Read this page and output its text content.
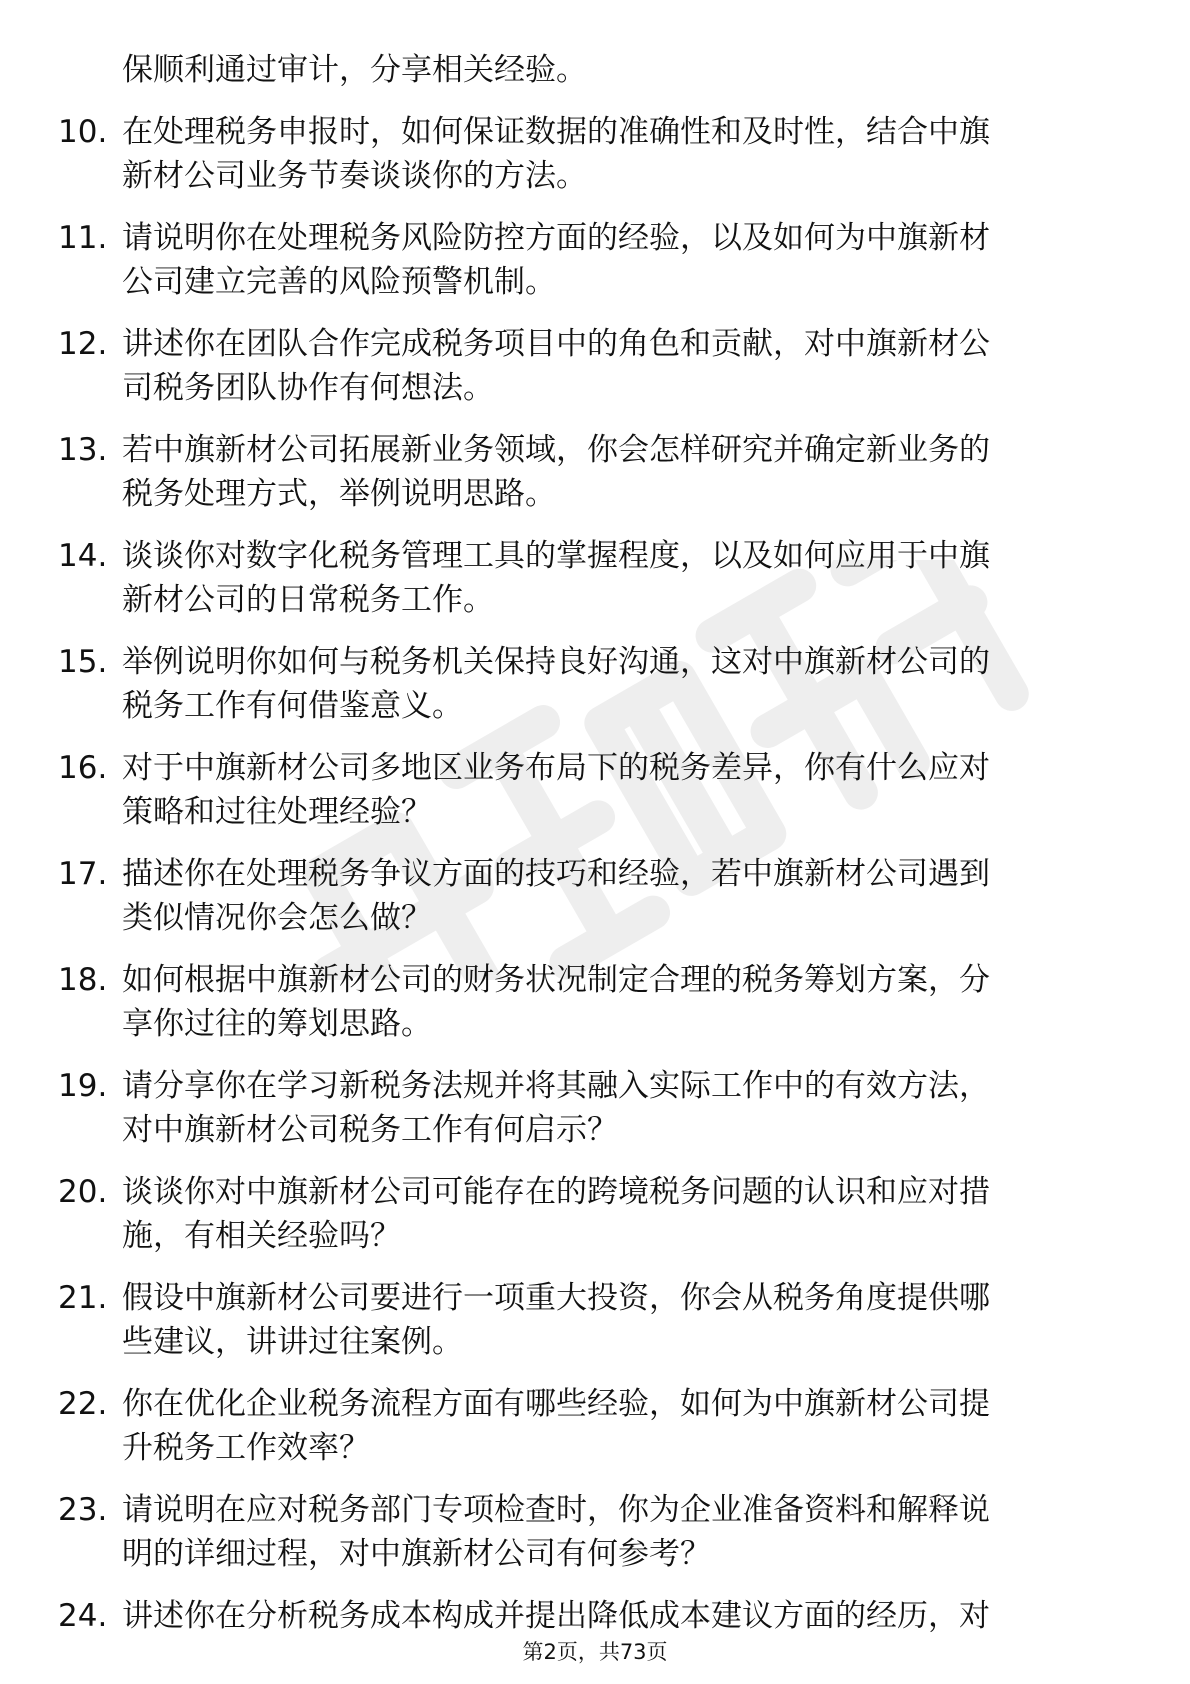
保顺利通过审计，分享相关经验。
10. 在处理税务申报时，如何保证数据的准确性和及时性，结合中旗
新材公司业务节奏谈谈你的方法。
11. 请说明你在处理税务风险防控方面的经验，以及如何为中旗新材
公司建立完善的风险预警机制。
12. 讲述你在团队合作完成税务项目中的角色和贡献，对中旗新材公
司税务团队协作有何想法。
13. 若中旗新材公司拓展新业务领域，你会怎样研究并确定新业务的
税务处理方式，举例说明思路。
14. 谈谈你对数字化税务管理工具的掌握程度，以及如何应用于中旗
新材公司的日常税务工作。
15. 举例说明你如何与税务机关保持良好沟通，这对中旗新材公司的
税务工作有何借鉴意义。
16. 对于中旗新材公司多地区业务布局下的税务差异，你有什么应对
策略和过往处理经验？
17. 描述你在处理税务争议方面的技巧和经验，若中旗新材公司遇到
类似情况你会怎么做？
18. 如何根据中旗新材公司的财务状况制定合理的税务筹划方案，分
享你过往的筹划思路。
19. 请分享你在学习新税务法规并将其融入实际工作中的有效方法，
对中旗新材公司税务工作有何启示？
20. 谈谈你对中旗新材公司可能存在的跨境税务问题的认识和应对措
施，有相关经验吗？
21. 假设中旗新材公司要进行一项重大投资，你会从税务角度提供哪
些建议，讲讲过往案例。
22. 你在优化企业税务流程方面有哪些经验，如何为中旗新材公司提
升税务工作效率？
23. 请说明在应对税务部门专项检查时，你为企业准备资料和解释说
明的详细过程，对中旗新材公司有何参考？
24. 讲述你在分析税务成本构成并提出降低成本建议方面的经历，对
第2页，共73页
